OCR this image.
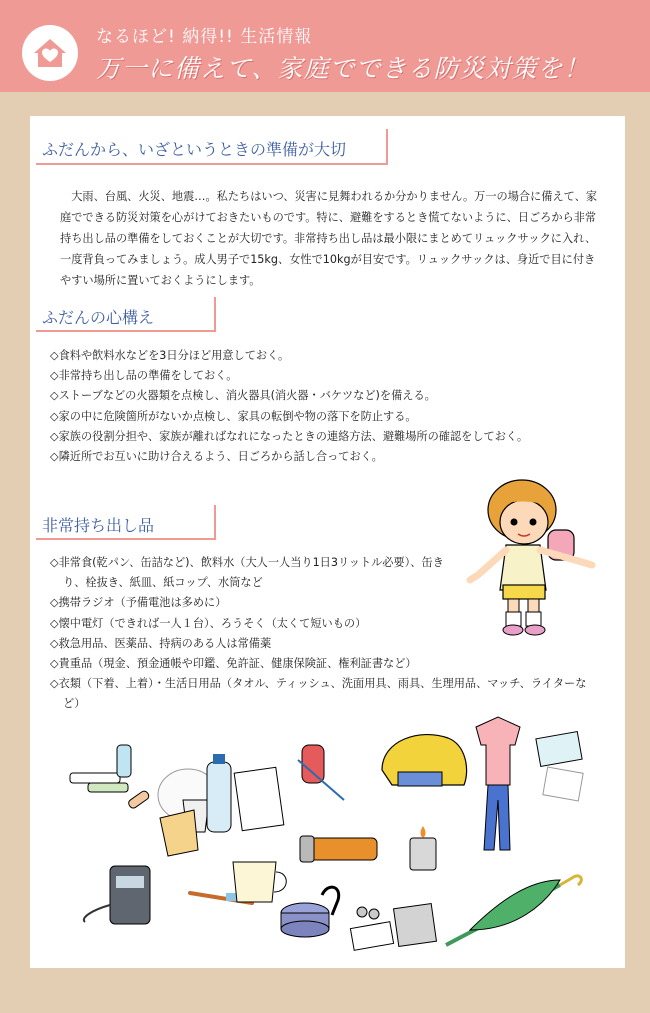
なるほど! 納得!! 生活情報
万一に備えて、家庭でできる防災対策を！
ふだんから、いざというときの準備が大切
大雨、台風、火災、地震…。私たちはいつ、災害に見舞われるか分かりません。万一の場合に備えて、家庭でできる防災対策を心がけておきたいものです。特に、避難をするとき慌てないように、日ごろから非常持ち出し品の準備をしておくことが大切です。非常持ち出し品は最小限にまとめてリュックサックに入れ、一度背負ってみましょう。成人男子で15kg、女性で10kgが目安です。リュックサックは、身近で目に付きやすい場所に置いておくようにします。
ふだんの心構え
◇食料や飲料水などを3日分ほど用意しておく。
◇非常持ち出し品の準備をしておく。
◇ストーブなどの火器類を点検し、消火器具(消火器・バケツなど)を備える。
◇家の中に危険箇所がないか点検し、家具の転倒や物の落下を防止する。
◇家族の役割分担や、家族が離ればなれになったときの連絡方法、避難場所の確認をしておく。
◇隣近所でお互いに助け合えるよう、日ごろから話し合っておく。
非常持ち出し品
◇非常食(乾パン、缶詰など)、飲料水（大人一人当り1日3リットル必要）、缶きり、栓抜き、紙皿、紙コップ、水筒など
◇携帯ラジオ（予備電池は多めに）
◇懐中電灯（できれば一人１台）、ろうそく（太くて短いもの）
◇救急用品、医薬品、持病のある人は常備薬
◇貴重品（現金、預金通帳や印鑑、免許証、健康保険証、権利証書など）
◇衣類（下着、上着）・生活日用品（タオル、ティッシュ、洗面用具、雨具、生理用品、マッチ、ライターなど）
